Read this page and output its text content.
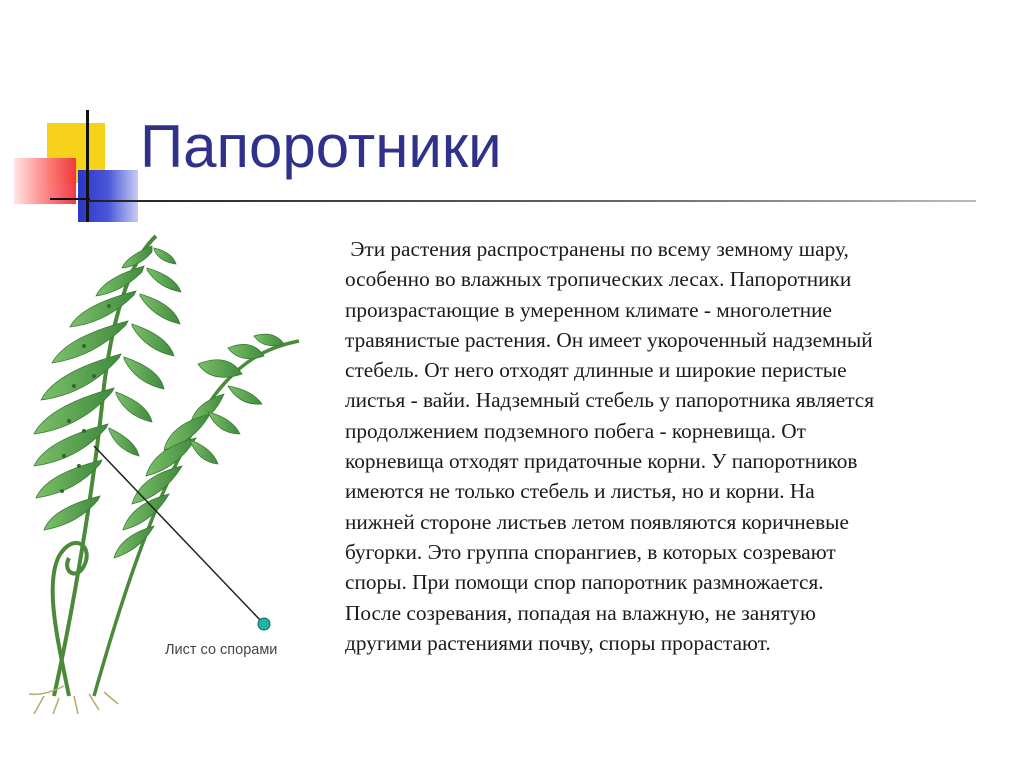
Папоротники

Лист со спорами

Эти растения распространены по всему земному шару,
особенно во влажных тропических лесах. Папоротники
произрастающие в умеренном климате - многолетние
травянистые растения. Он имеет укороченный надземный
стебель. От него отходят длинные и широкие перистые
листья - вайи. Надземный стебель у папоротника является
продолжением подземного побега - корневища. От
корневища отходят придаточные корни. У папоротников
имеются не только стебель и листья, но и корни. На
нижней стороне листьев летом появляются коричневые
бугорки. Это группа спорангиев, в которых созревают
споры. При помощи спор папоротник размножается.
После созревания, попадая на влажную, не занятую
другими растениями почву, споры прорастают.
